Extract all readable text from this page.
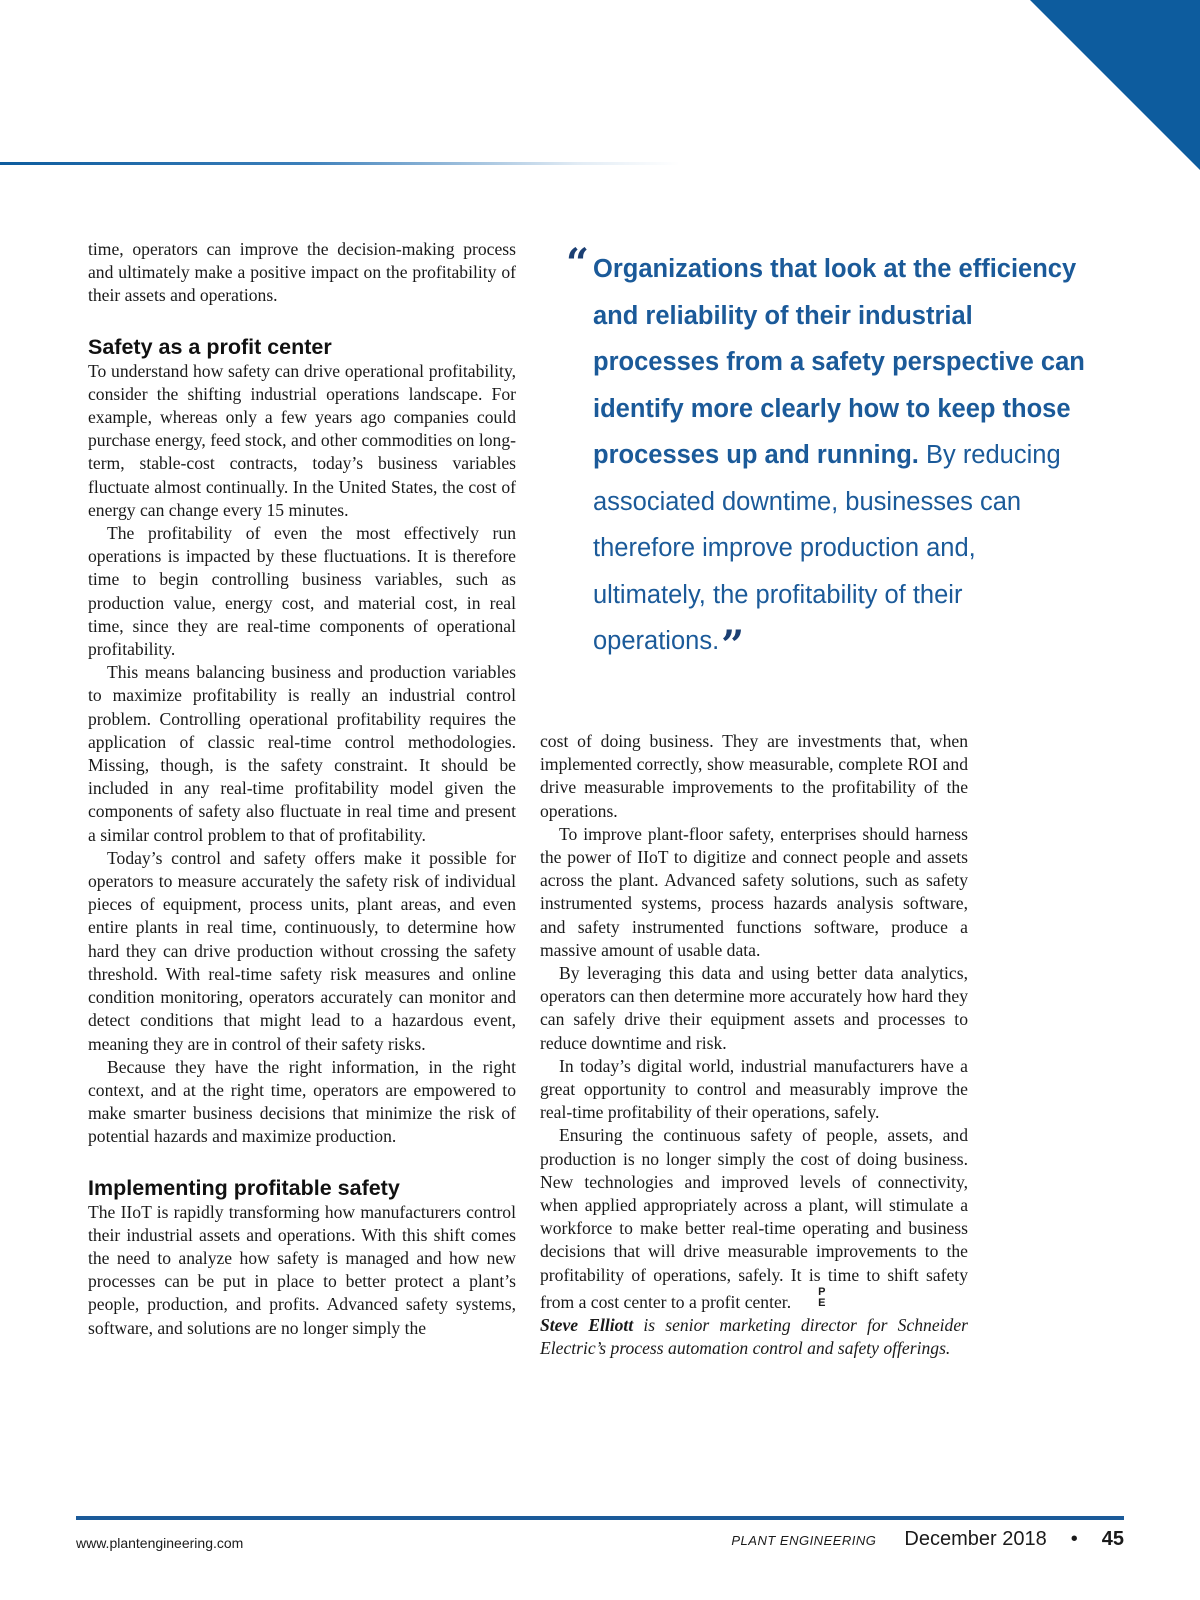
time, operators can improve the decision-making process and ultimately make a positive impact on the profitability of their assets and operations.

Safety as a profit center

To understand how safety can drive operational profitability, consider the shifting industrial operations landscape. For example, whereas only a few years ago companies could purchase energy, feed stock, and other commodities on long-term, stable-cost contracts, today’s business variables fluctuate almost continually. In the United States, the cost of energy can change every 15 minutes.

The profitability of even the most effectively run operations is impacted by these fluctuations. It is therefore time to begin controlling business variables, such as production value, energy cost, and material cost, in real time, since they are real-time components of operational profitability.

This means balancing business and production variables to maximize profitability is really an industrial control problem. Controlling operational profitability requires the application of classic real-time control methodologies. Missing, though, is the safety constraint. It should be included in any real-time profitability model given the components of safety also fluctuate in real time and present a similar control problem to that of profitability.

Today’s control and safety offers make it possible for operators to measure accurately the safety risk of individual pieces of equipment, process units, plant areas, and even entire plants in real time, continuously, to determine how hard they can drive production without crossing the safety threshold. With real-time safety risk measures and online condition monitoring, operators accurately can monitor and detect conditions that might lead to a hazardous event, meaning they are in control of their safety risks.

Because they have the right information, in the right context, and at the right time, operators are empowered to make smarter business decisions that minimize the risk of potential hazards and maximize production.

Implementing profitable safety

The IIoT is rapidly transforming how manufacturers control their industrial assets and operations. With this shift comes the need to analyze how safety is managed and how new processes can be put in place to better protect a plant’s people, production, and profits. Advanced safety systems, software, and solutions are no longer simply the

“ Organizations that look at the efficiency and reliability of their industrial processes from a safety perspective can identify more clearly how to keep those processes up and running. By reducing associated downtime, businesses can therefore improve production and, ultimately, the profitability of their operations.”

cost of doing business. They are investments that, when implemented correctly, show measurable, complete ROI and drive measurable improvements to the profitability of the operations.

To improve plant-floor safety, enterprises should harness the power of IIoT to digitize and connect people and assets across the plant. Advanced safety solutions, such as safety instrumented systems, process hazards analysis software, and safety instrumented functions software, produce a massive amount of usable data.

By leveraging this data and using better data analytics, operators can then determine more accurately how hard they can safely drive their equipment assets and processes to reduce downtime and risk.

In today’s digital world, industrial manufacturers have a great opportunity to control and measurably improve the real-time profitability of their operations, safely.

Ensuring the continuous safety of people, assets, and production is no longer simply the cost of doing business. New technologies and improved levels of connectivity, when applied appropriately across a plant, will stimulate a workforce to make better real-time operating and business decisions that will drive measurable improvements to the profitability of operations, safely. It is time to shift safety from a cost center to a profit center.	P
E

Steve Elliott is senior marketing director for Schneider Electric’s process automation control and safety offerings.

www.plantengineering.com	PLANT ENGINEERING December 2018 • 45
